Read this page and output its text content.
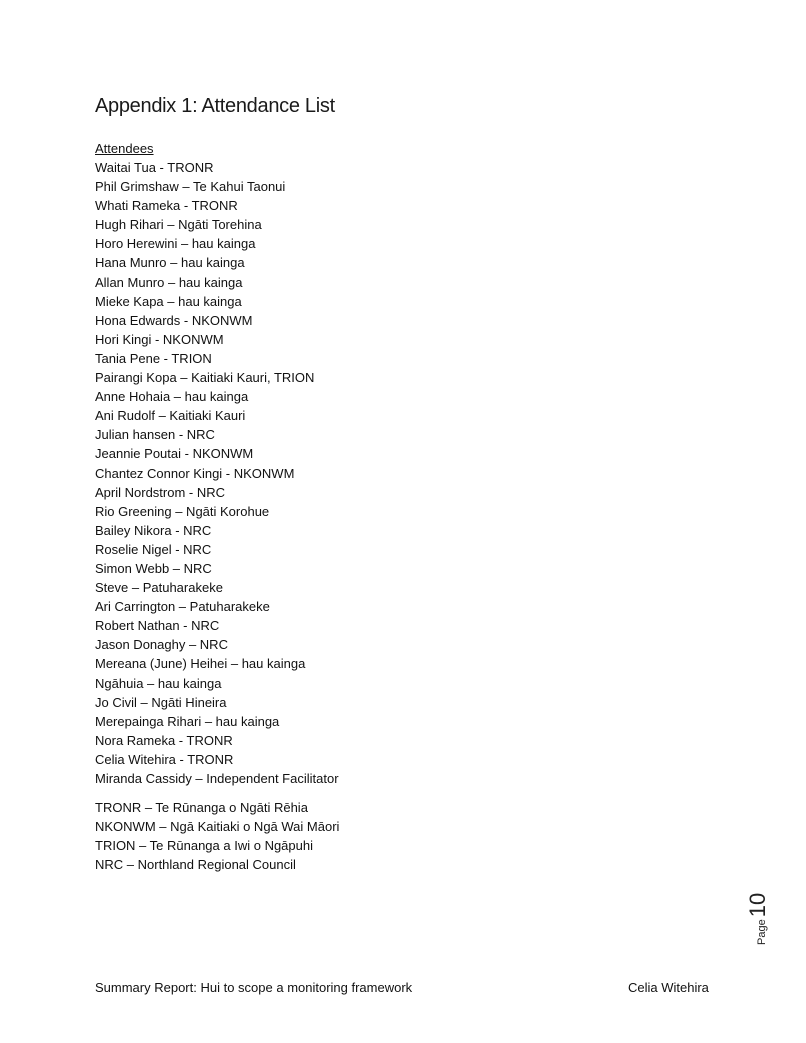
Appendix 1: Attendance List
Attendees
Waitai Tua - TRONR
Phil Grimshaw – Te Kahui Taonui
Whati Rameka - TRONR
Hugh Rihari – Ngāti Torehina
Horo Herewini – hau kainga
Hana Munro – hau kainga
Allan Munro – hau kainga
Mieke Kapa – hau kainga
Hona Edwards - NKONWM
Hori Kingi - NKONWM
Tania Pene - TRION
Pairangi Kopa – Kaitiaki Kauri, TRION
Anne Hohaia – hau kainga
Ani Rudolf – Kaitiaki Kauri
Julian hansen - NRC
Jeannie Poutai - NKONWM
Chantez Connor Kingi - NKONWM
April Nordstrom - NRC
Rio Greening – Ngāti Korohue
Bailey Nikora - NRC
Roselie Nigel - NRC
Simon Webb – NRC
Steve – Patuharakeke
Ari Carrington – Patuharakeke
Robert Nathan - NRC
Jason Donaghy – NRC
Mereana (June) Heihei – hau kainga
Ngāhuia – hau kainga
Jo Civil – Ngāti Hineira
Merepainga Rihari – hau kainga
Nora Rameka - TRONR
Celia Witehira - TRONR
Miranda Cassidy – Independent Facilitator
TRONR – Te Rūnanga o Ngāti Rēhia
NKONWM – Ngā Kaitiaki o Ngā Wai Māori
TRION – Te Rūnanga a Iwi o Ngāpuhi
NRC – Northland Regional Council
Page10
Summary Report: Hui to scope a monitoring framework	Celia Witehira
